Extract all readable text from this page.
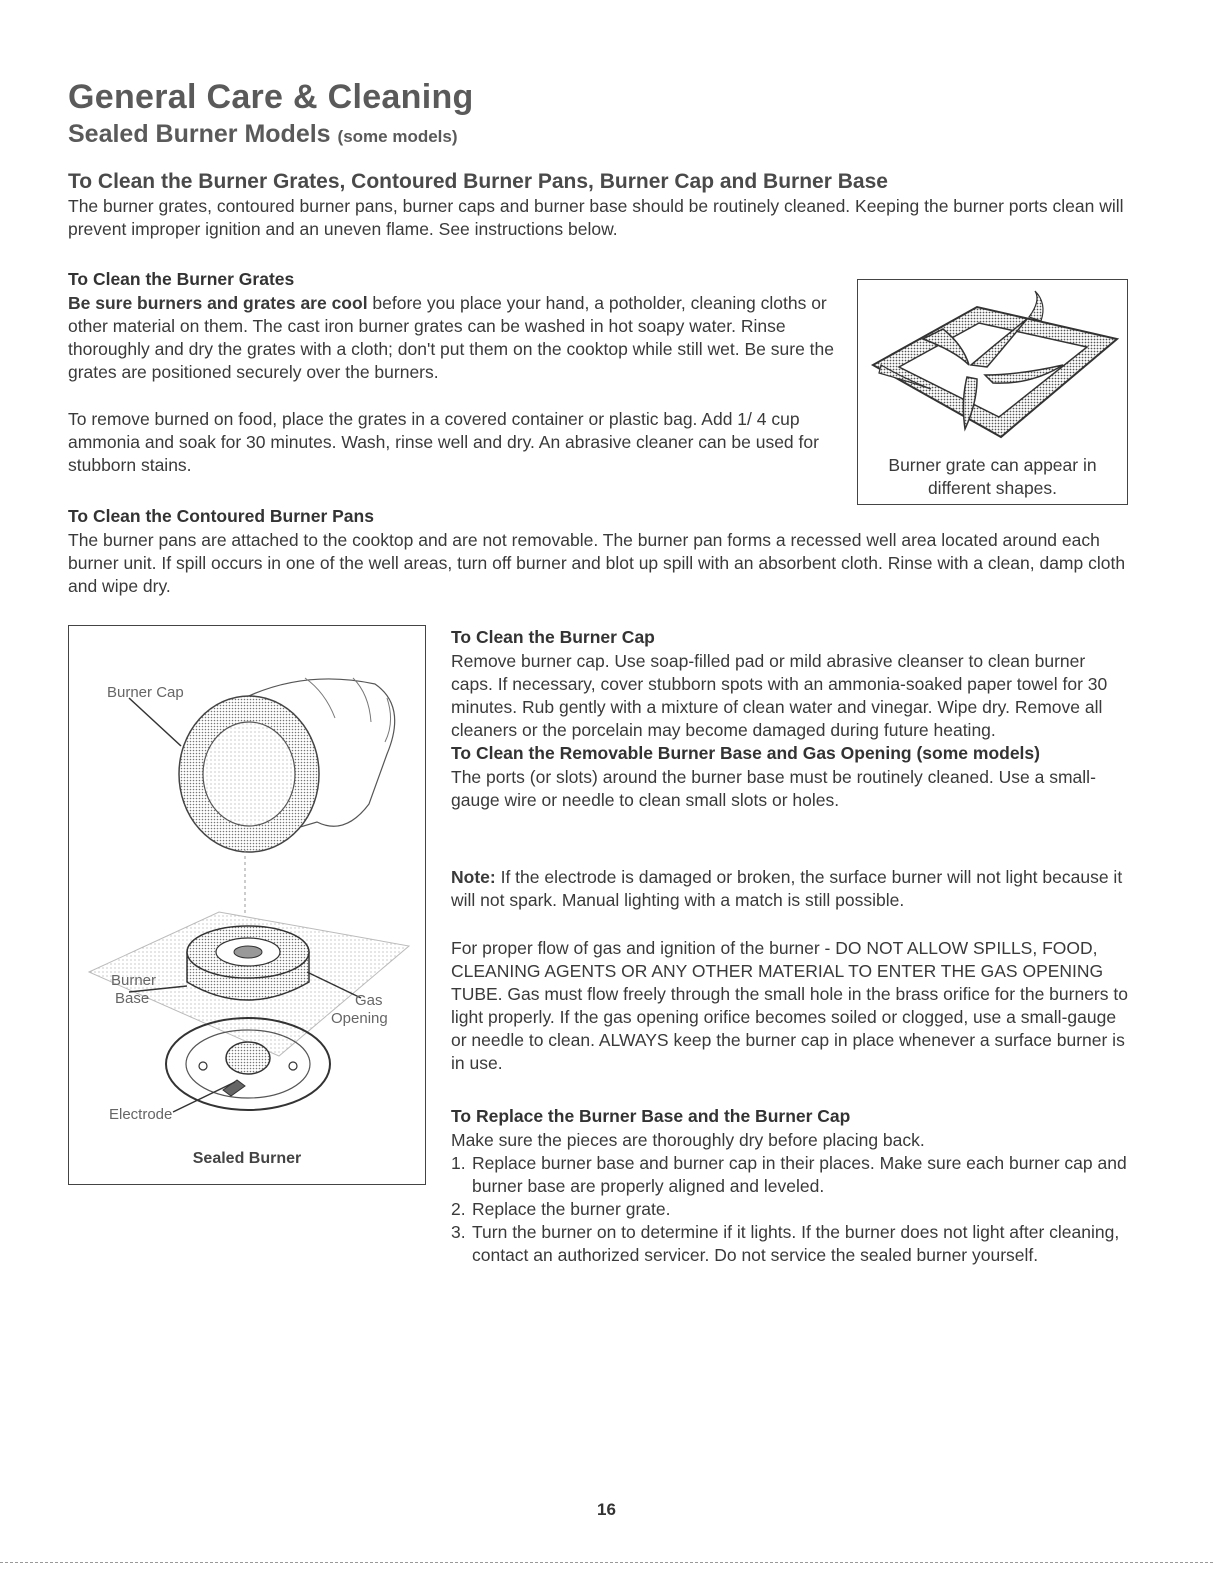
General Care & Cleaning
Sealed Burner Models (some models)
To Clean the Burner Grates, Contoured Burner Pans, Burner Cap and Burner Base

The burner grates, contoured burner pans, burner caps and burner base should be routinely cleaned. Keeping the burner ports clean will prevent improper ignition and an uneven flame. See instructions below.

To Clean the Burner Grates

Be sure burners and grates are cool before you place your hand, a potholder, cleaning cloths or other material on them. The cast iron burner grates can be washed in hot soapy water. Rinse thoroughly and dry the grates with a cloth; don't put them on the cooktop while still wet. Be sure the grates are positioned securely over the burners.

To remove burned on food, place the grates in a covered container or plastic bag. Add 1/ 4 cup ammonia and soak for 30 minutes. Wash, rinse well and dry. An abrasive cleaner can be used for stubborn stains.	Burner grate can appear in different shapes.
To Clean the Contoured Burner Pans

The burner pans are attached to the cooktop and are not removable. The burner pan forms a recessed well area located around each burner unit. If spill occurs in one of the well areas, turn off burner and blot up spill with an absorbent cloth. Rinse with a clean, damp cloth and wipe dry.

Burner Cap
Burner
Base	Gas
Opening
Electrode
Sealed Burner
To Clean the Burner Cap

Remove burner cap. Use soap-filled pad or mild abrasive cleanser to clean burner caps. If necessary, cover stubborn spots with an ammonia-soaked paper towel for 30 minutes. Rub gently with a mixture of clean water and vinegar. Wipe dry. Remove all cleaners or the porcelain may become damaged during future heating.

To Clean the Removable Burner Base and Gas Opening (some models)

The ports (or slots) around the burner base must be routinely cleaned. Use a small-gauge wire or needle to clean small slots or holes.

Note: If the electrode is damaged or broken, the surface burner will not light because it will not spark. Manual lighting with a match is still possible.

For proper flow of gas and ignition of the burner - DO NOT ALLOW SPILLS, FOOD, CLEANING AGENTS OR ANY OTHER MATERIAL TO ENTER THE GAS OPENING TUBE. Gas must flow freely through the small hole in the brass orifice for the burners to light properly. If the gas opening orifice becomes soiled or clogged, use a small-gauge or needle to clean. ALWAYS keep the burner cap in place whenever a surface burner is in use.

To Replace the Burner Base and the Burner Cap

Make sure the pieces are thoroughly dry before placing back.

1. Replace burner base and burner cap in their places. Make sure each burner cap and burner base are properly aligned and leveled.
2. Replace the burner grate.
3. Turn the burner on to determine if it lights. If the burner does not light after cleaning, contact an authorized servicer. Do not service the sealed burner yourself.
16
